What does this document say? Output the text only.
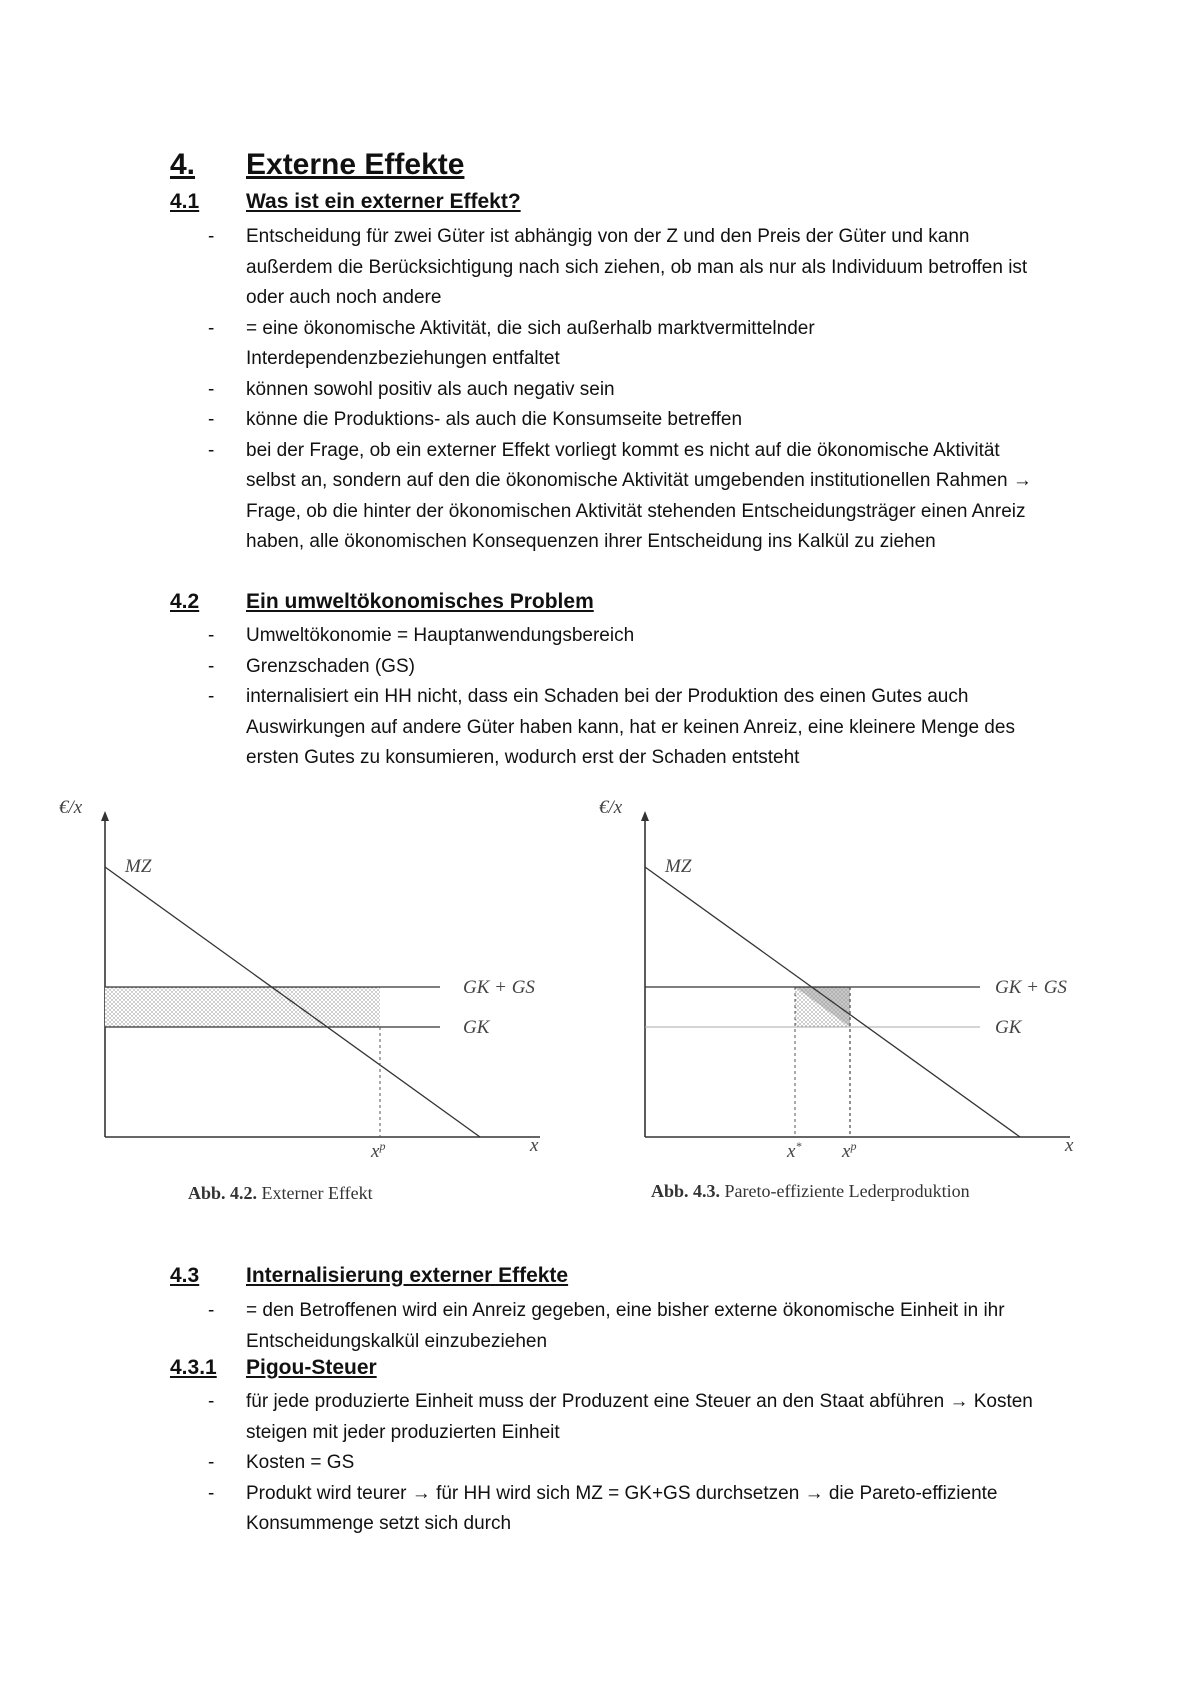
4. Externe Effekte
4.1 Was ist ein externer Effekt?
- Entscheidung für zwei Güter ist abhängig von der Z und den Preis der Güter und kann außerdem die Berücksichtigung nach sich ziehen, ob man als nur als Individuum betroffen ist oder auch noch andere
- = eine ökonomische Aktivität, die sich außerhalb marktvermittelnder Interdependenzbeziehungen entfaltet
- können sowohl positiv als auch negativ sein
- könne die Produktions- als auch die Konsumseite betreffen
- bei der Frage, ob ein externer Effekt vorliegt kommt es nicht auf die ökonomische Aktivität selbst an, sondern auf den die ökonomische Aktivität umgebenden institutionellen Rahmen → Frage, ob die hinter der ökonomischen Aktivität stehenden Entscheidungsträger einen Anreiz haben, alle ökonomischen Konsequenzen ihrer Entscheidung ins Kalkül zu ziehen
4.2 Ein umweltökonomisches Problem
- Umweltökonomie = Hauptanwendungsbereich
- Grenzschaden (GS)
- internalisiert ein HH nicht, dass ein Schaden bei der Produktion des einen Gutes auch Auswirkungen auf andere Güter haben kann, hat er keinen Anreiz, eine kleinere Menge des ersten Gutes zu konsumieren, wodurch erst der Schaden entsteht
€/x
x
MZ
GK + GS
GK
$x^p$
Abb. 4.2. Externer Effekt
€/x
x
MZ
GK + GS
GK
x* $x^p$
Abb. 4.3. Pareto-effiziente Lederproduktion
4.3 Internalisierung externer Effekte
- = den Betroffenen wird ein Anreiz gegeben, eine bisher externe ökonomische Einheit in ihr Entscheidungskalkül einzubeziehen
4.3.1 Pigou-Steuer
- für jede produzierte Einheit muss der Produzent eine Steuer an den Staat abführen → Kosten steigen mit jeder produzierten Einheit
- Kosten = GS
- Produkt wird teurer → für HH wird sich MZ = GK+GS durchsetzen → die Pareto-effiziente Konsummenge setzt sich durch
